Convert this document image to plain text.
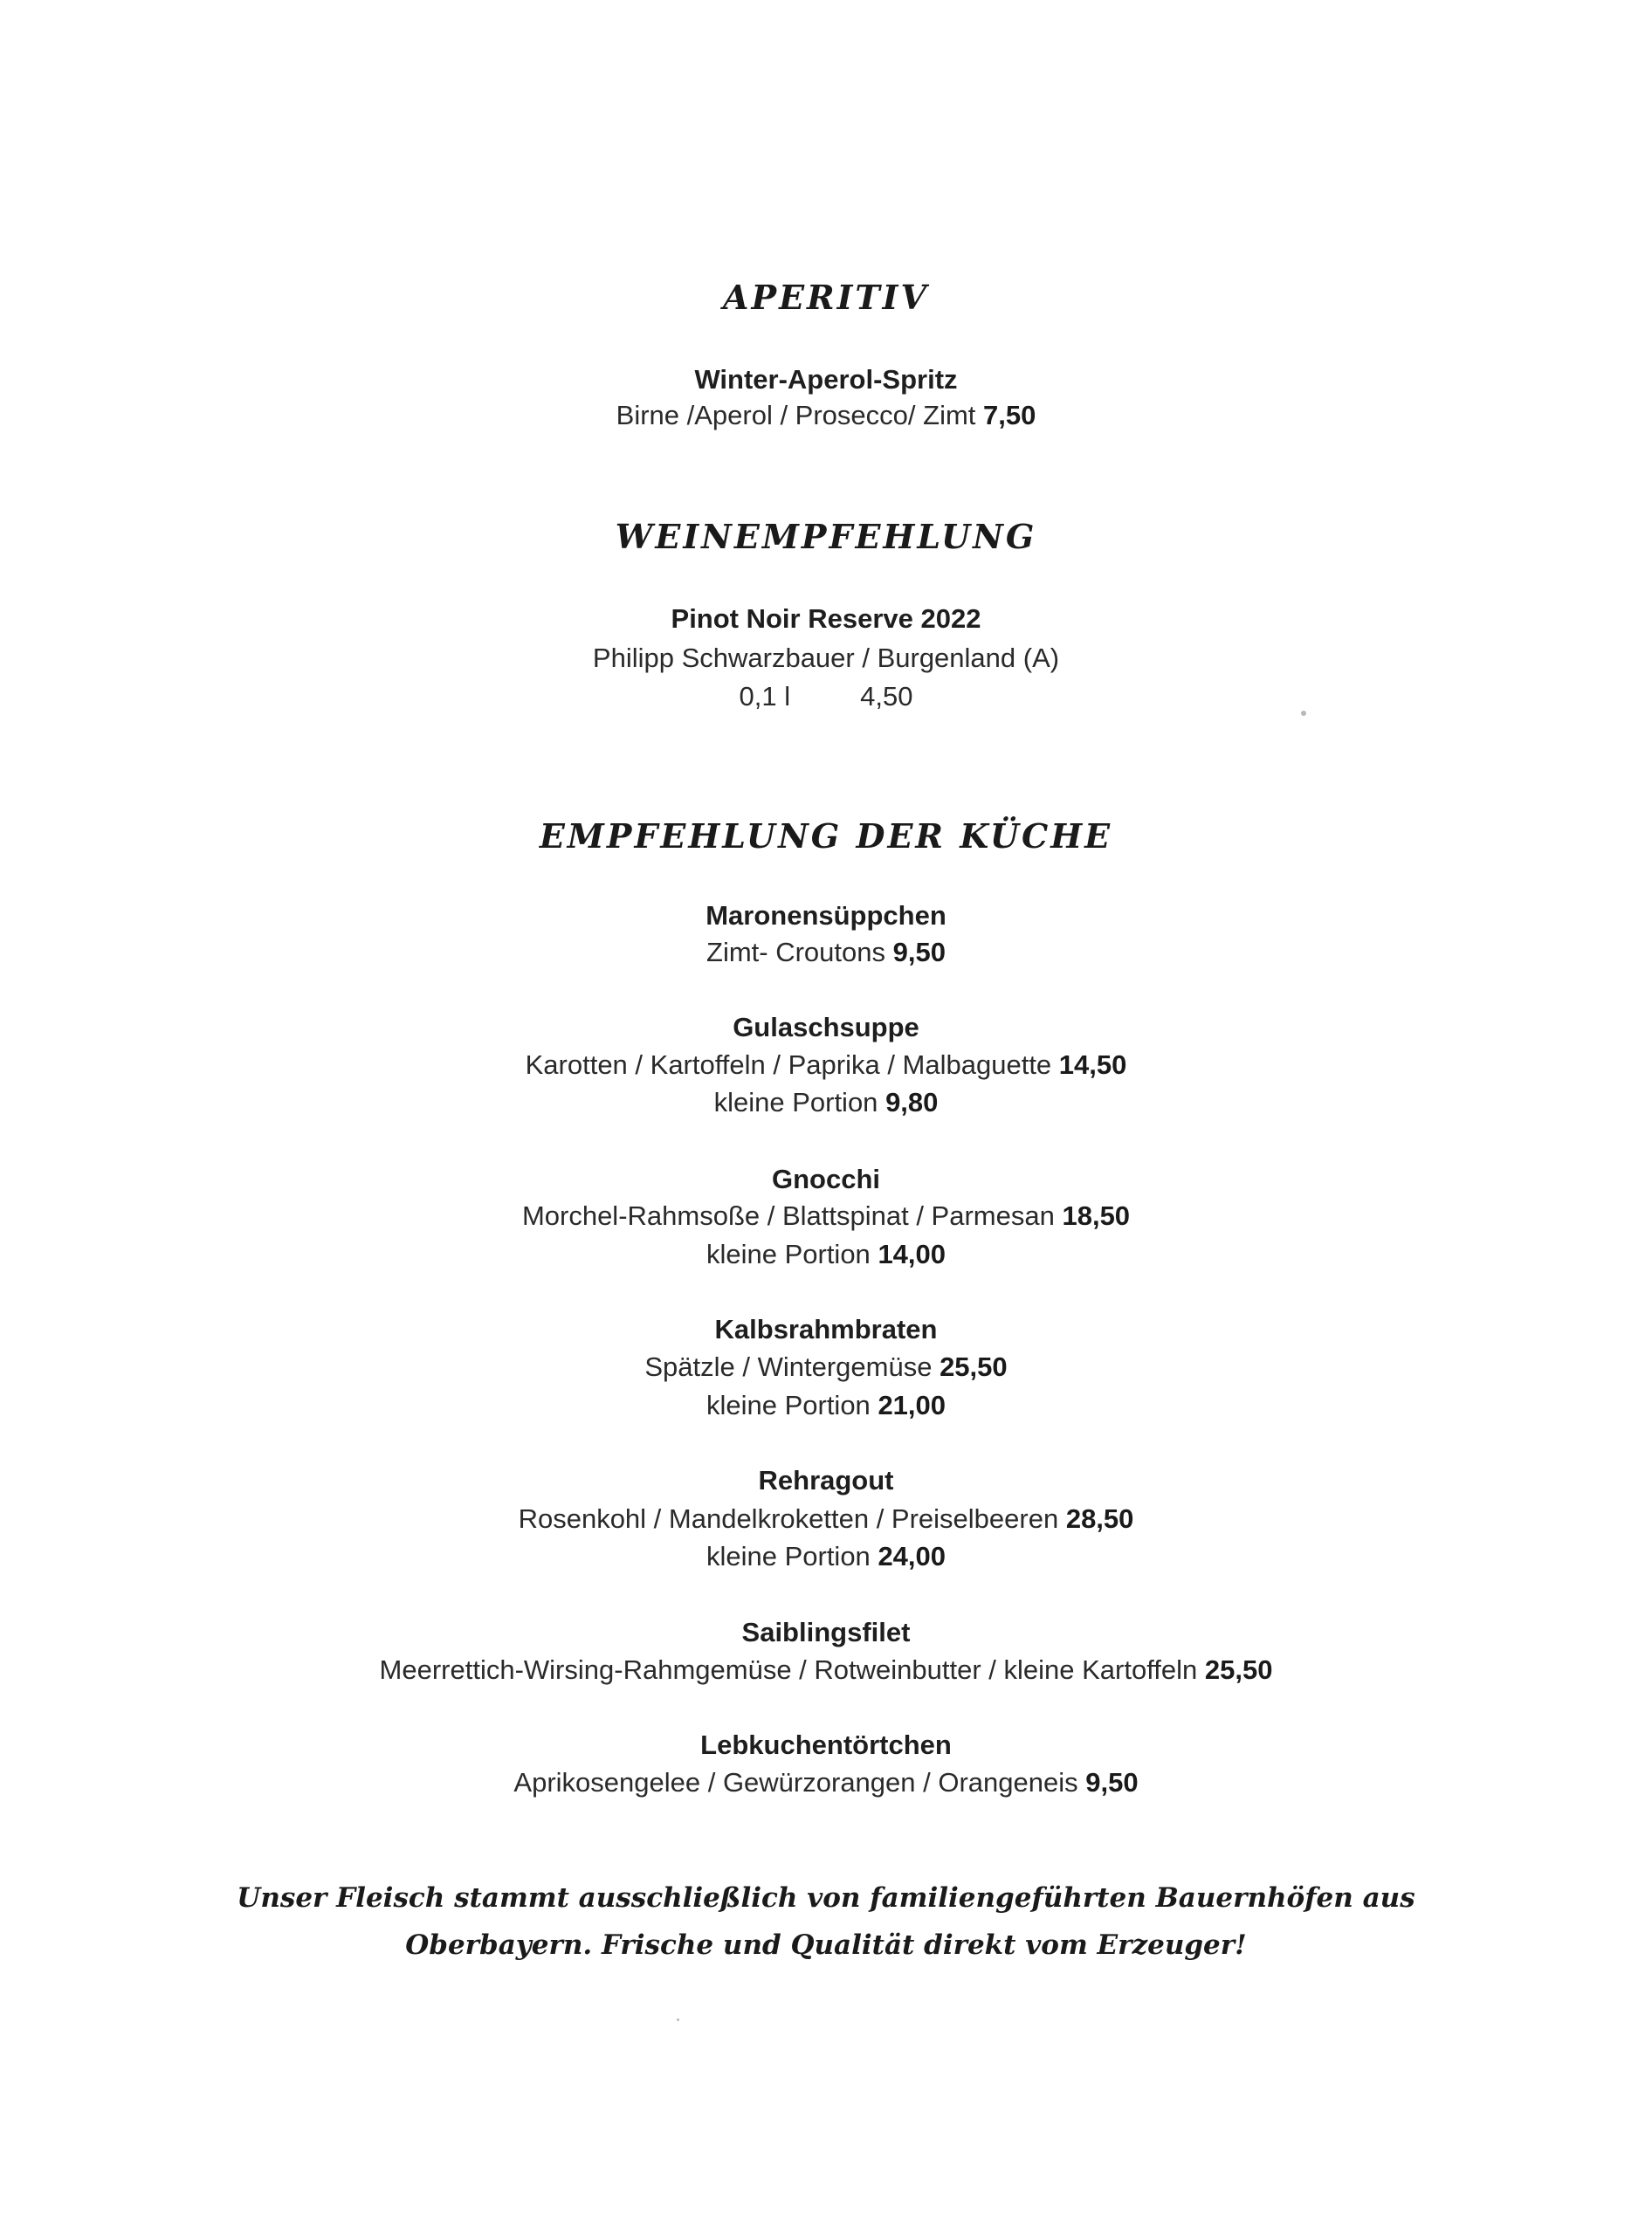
APERITIV
Winter-Aperol-Spritz
Birne /Aperol / Prosecco/ Zimt 7,50
WEINEMPFEHLUNG
Pinot Noir Reserve 2022
Philipp Schwarzbauer / Burgenland (A)
0,1 l	4,50
EMPFEHLUNG DER KÜCHE
Maronensüppchen
Zimt- Croutons 9,50
Gulaschsuppe
Karotten / Kartoffeln / Paprika / Malbaguette 14,50
kleine Portion 9,80
Gnocchi
Morchel-Rahmsoße / Blattspinat / Parmesan 18,50
kleine Portion 14,00
Kalbsrahmbraten
Spätzle / Wintergemüse 25,50
kleine Portion 21,00
Rehragout
Rosenkohl / Mandelkroketten / Preiselbeeren 28,50
kleine Portion 24,00
Saiblingsfilet
Meerrettich-Wirsing-Rahmgemüse / Rotweinbutter / kleine Kartoffeln 25,50
Lebkuchentörtchen
Aprikosengelee / Gewürzorangen / Orangeneis 9,50
Unser Fleisch stammt ausschließlich von familiengeführten Bauernhöfen aus
Oberbayern. Frische und Qualität direkt vom Erzeuger!
